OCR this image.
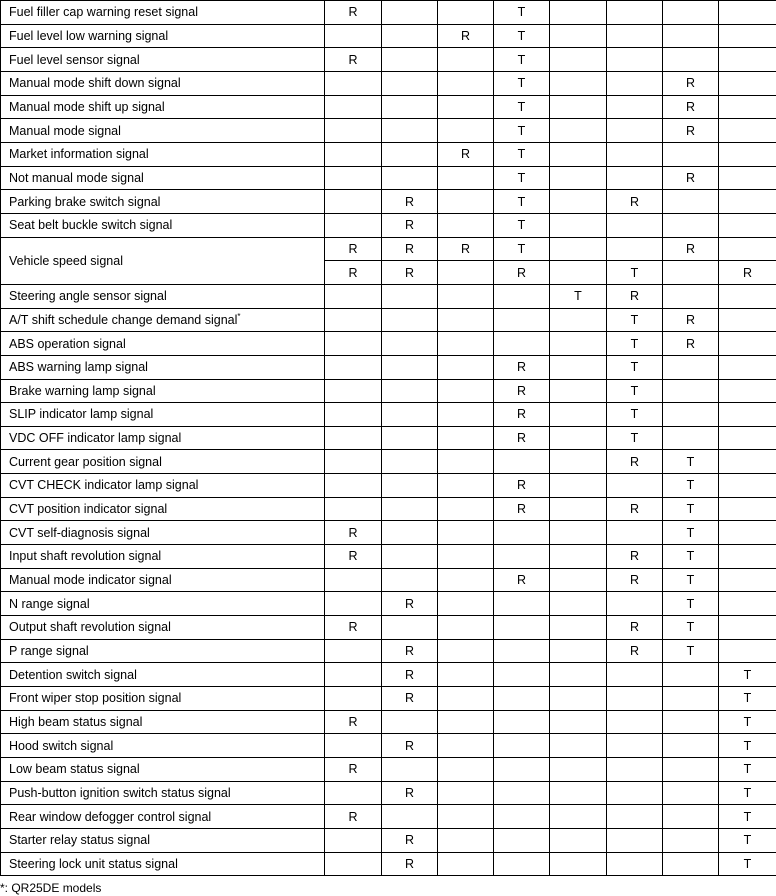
Fuel filler cap warning reset signal	R			T				
Fuel level low warning signal			R	T				
Fuel level sensor signal	R			T				
Manual mode shift down signal				T			R	
Manual mode shift up signal				T			R	
Manual mode signal				T			R	
Market information signal			R	T				
Not manual mode signal				T			R	
Parking brake switch signal		R		T		R		
Seat belt buckle switch signal		R		T				
Vehicle speed signal	R	R	R	T			R	
	R	R		R		T		R
Steering angle sensor signal					T	R		
A/T shift schedule change demand signal*						T	R	
ABS operation signal						T	R	
ABS warning lamp signal				R		T		
Brake warning lamp signal				R		T		
SLIP indicator lamp signal				R		T		
VDC OFF indicator lamp signal				R		T		
Current gear position signal						R	T	
CVT CHECK indicator lamp signal				R			T	
CVT position indicator signal				R		R	T	
CVT self-diagnosis signal	R						T	
Input shaft revolution signal	R					R	T	
Manual mode indicator signal				R		R	T	
N range signal		R					T	
Output shaft revolution signal	R					R	T	
P range signal		R				R	T	
Detention switch signal		R						T
Front wiper stop position signal		R						T
High beam status signal	R							T
Hood switch signal		R						T
Low beam status signal	R							T
Push-button ignition switch status signal		R						T
Rear window defogger control signal	R							T
Starter relay status signal		R						T
Steering lock unit status signal		R						T
*: QR25DE models
